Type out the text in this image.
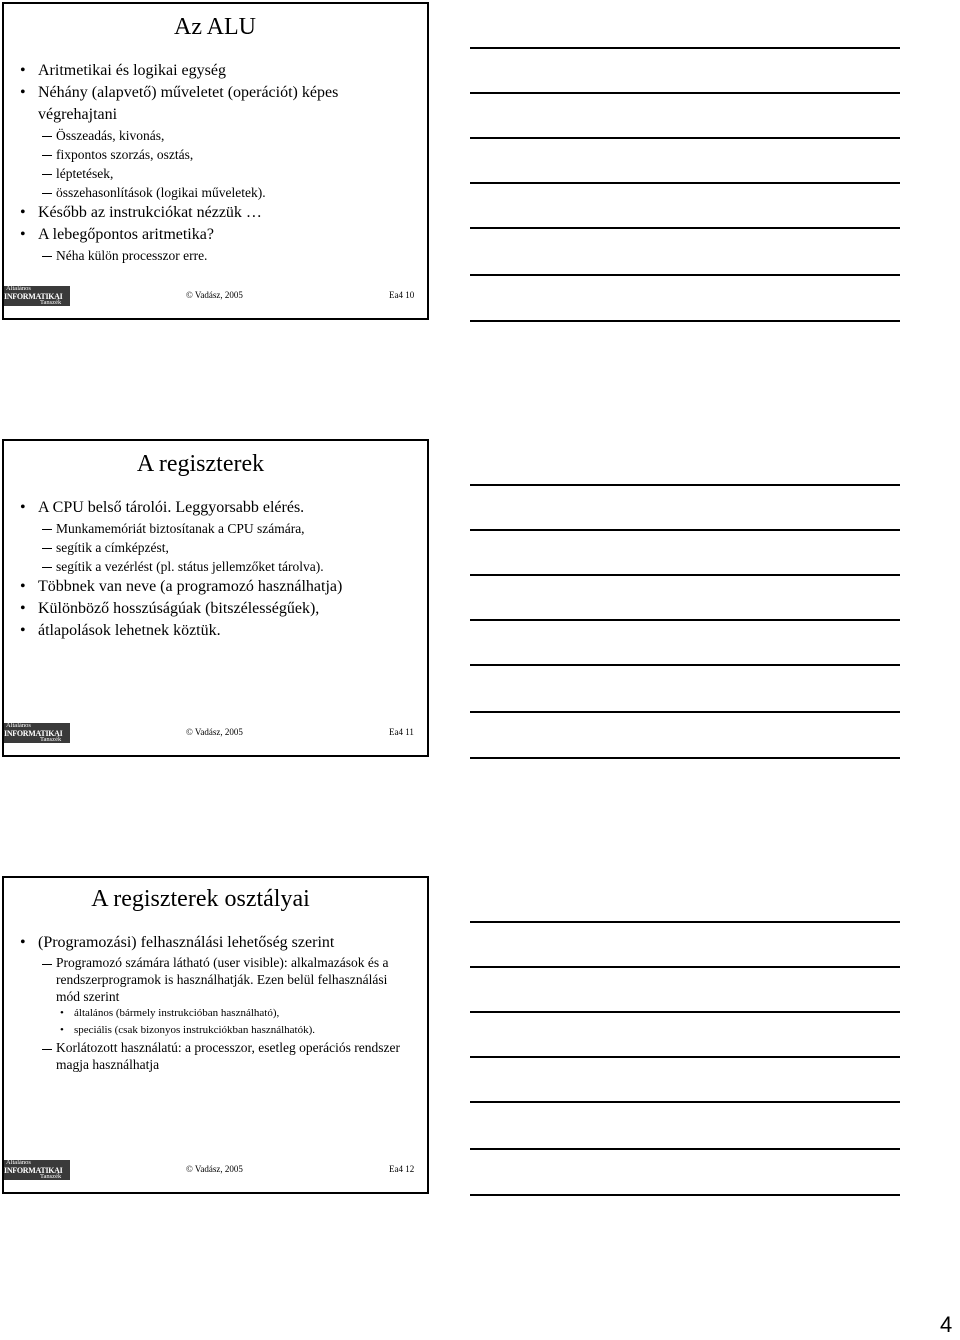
Az ALU

• Aritmetikai és logikai egység

• Néhány (alapvető) műveletet (operációt) képes végrehajtani

Összeadás, kivonás,

fixpontos szorzás, osztás,

léptetések,

összehasonlítások (logikai műveletek).

• Később az instrukciókat nézzük …

• A lebegőpontos aritmetika?

Néha külön processzor erre.

Általános
INFORMATIKAI
Tanszék
© Vadász, 2005	Ea4 10
A regiszterek

• A CPU belső tárolói. Leggyorsabb elérés.

Munkamemóriát biztosítanak a CPU számára,

segítik a címképzést,

segítik a vezérlést (pl. státus jellemzőket tárolva).

• Többnek van neve (a programozó használhatja)

• Különböző hosszúságúak (bitszélességűek),

• átlapolások lehetnek köztük.

Általános
INFORMATIKAI
Tanszék
© Vadász, 2005	Ea4 11
A regiszterek osztályai

• (Programozási) felhasználási lehetőség szerint

Programozó számára látható (user visible): alkalmazások és a rendszerprogramok is használhatják. Ezen belül felhasználási mód szerint

• általános (bármely instrukcióban használható),

• speciális (csak bizonyos instrukciókban használhatók).

Korlátozott használatú: a processzor, esetleg operációs rendszer magja használhatja

Általános
INFORMATIKAI
Tanszék
© Vadász, 2005	Ea4 12
4
